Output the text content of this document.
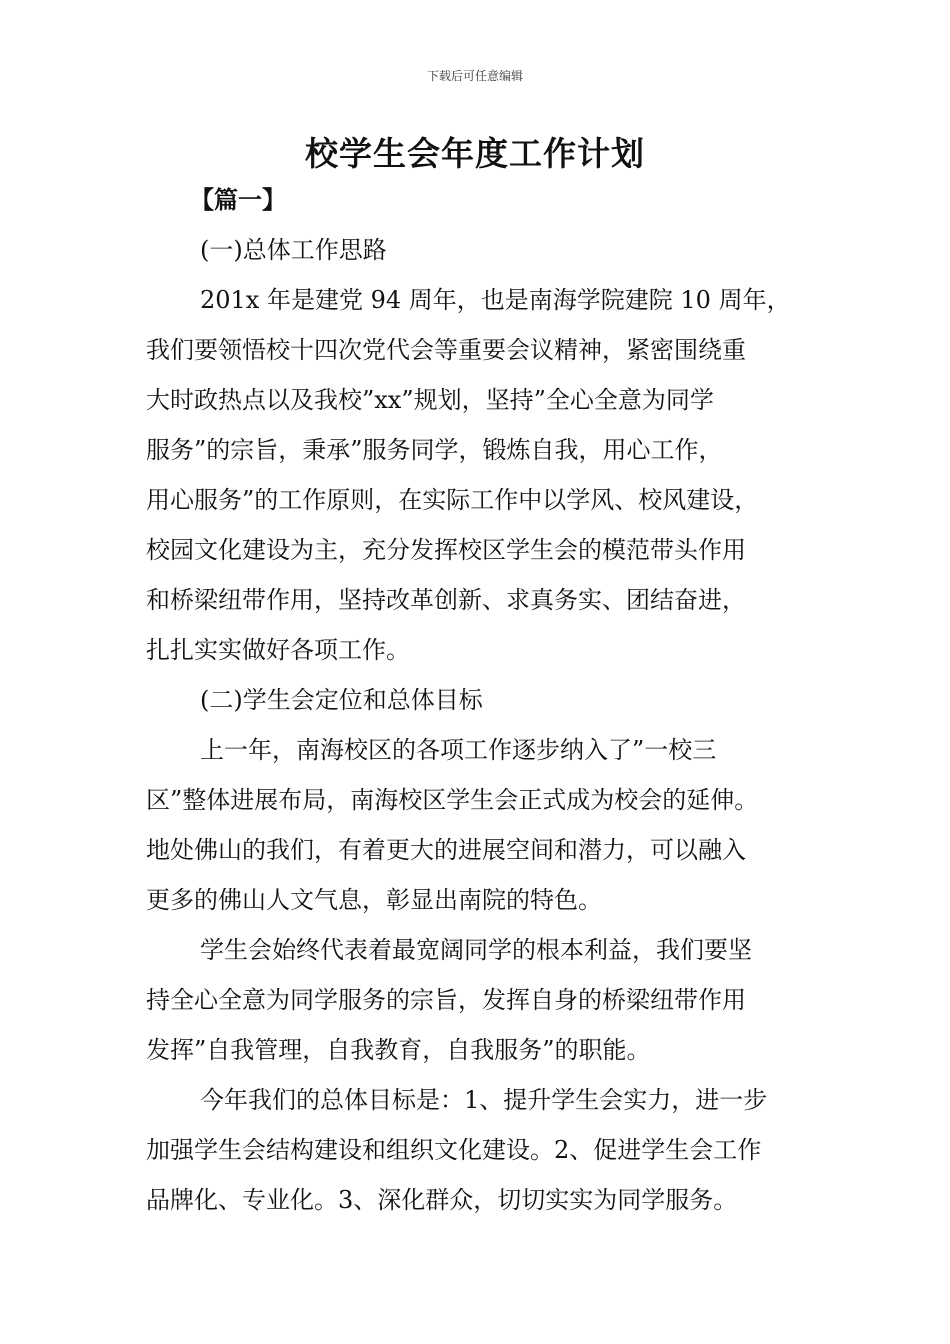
下载后可任意编辑
校学生会年度工作计划
【篇一】
(一)总体工作思路
201x 年是建党 94 周年，也是南海学院建院 10 周年，
我们要领悟校十四次党代会等重要会议精神，紧密围绕重
大时政热点以及我校”xx”规划，坚持”全心全意为同学
服务”的宗旨，秉承”服务同学，锻炼自我，用心工作，
用心服务”的工作原则，在实际工作中以学风、校风建设，
校园文化建设为主，充分发挥校区学生会的模范带头作用
和桥梁纽带作用，坚持改革创新、求真务实、团结奋进，
扎扎实实做好各项工作。
(二)学生会定位和总体目标
上一年，南海校区的各项工作逐步纳入了”一校三
区”整体进展布局，南海校区学生会正式成为校会的延伸。
地处佛山的我们，有着更大的进展空间和潜力，可以融入
更多的佛山人文气息，彰显出南院的特色。
学生会始终代表着最宽阔同学的根本利益，我们要坚
持全心全意为同学服务的宗旨，发挥自身的桥梁纽带作用
发挥”自我管理，自我教育，自我服务”的职能。
今年我们的总体目标是：1、提升学生会实力，进一步
加强学生会结构建设和组织文化建设。2、促进学生会工作
品牌化、专业化。3、深化群众，切切实实为同学服务。
